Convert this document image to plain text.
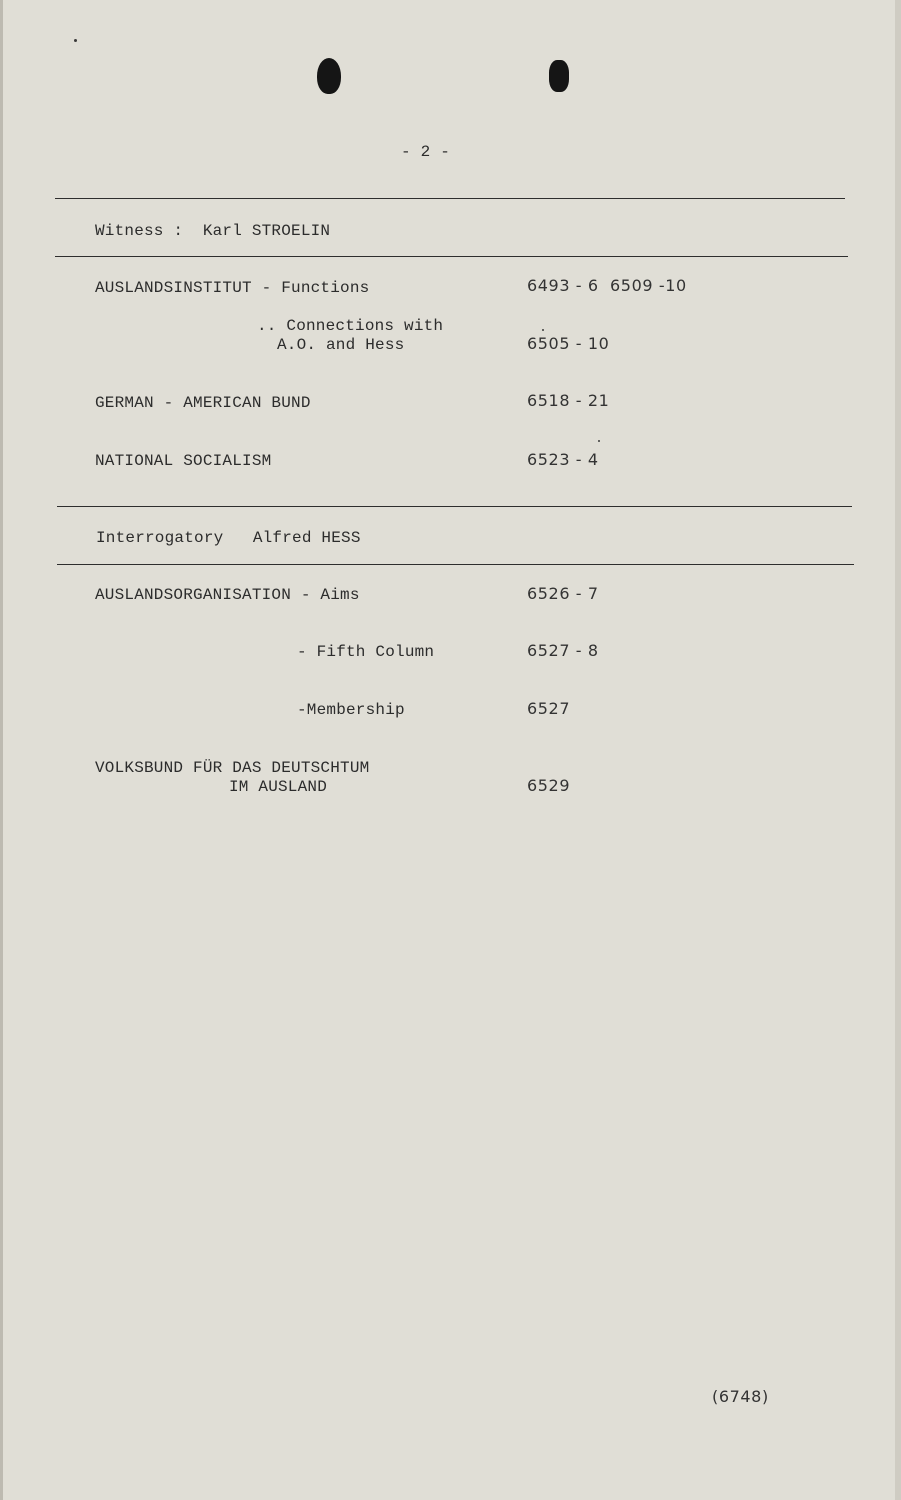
- 2 -
Witness :  Karl STROELIN
AUSLANDSINSTITUT - Functions	6493 - 6  6509 -10
.. Connections with
A.O. and Hess	6505 - 10
GERMAN - AMERICAN BUND	6518 - 21
NATIONAL SOCIALISM	6523 - 4
Interrogatory   Alfred HESS
AUSLANDSORGANISATION - Aims	6526 - 7
- Fifth Column	6527 - 8
-Membership	6527
VOLKSBUND FÜR DAS DEUTSCHTUM
IM AUSLAND	6529
(6748)
